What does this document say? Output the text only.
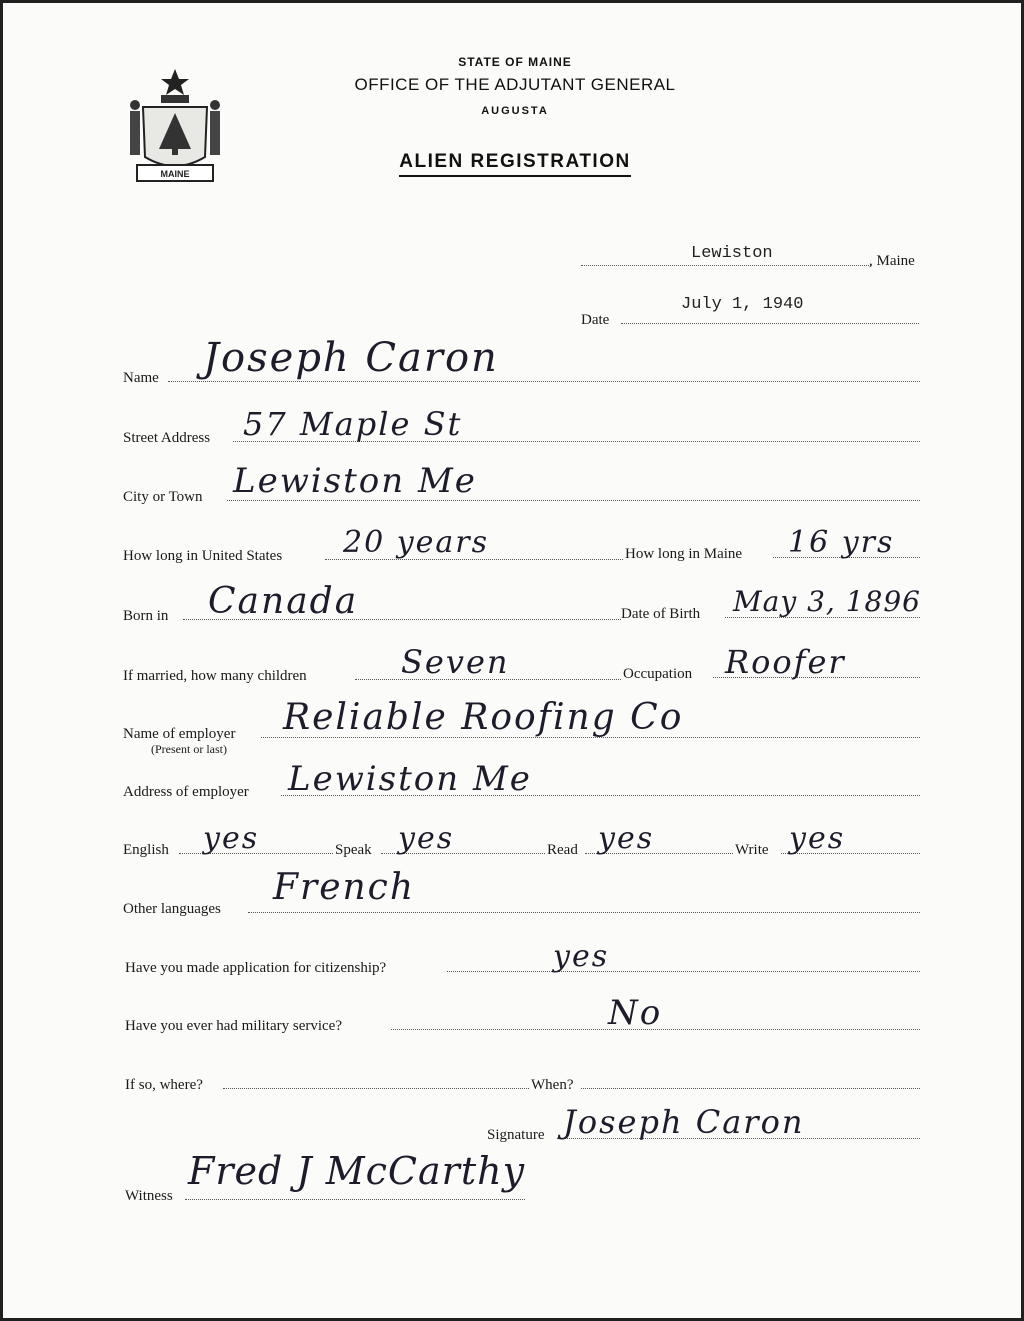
MAINE
STATE OF MAINE
OFFICE OF THE ADJUTANT GENERAL
AUGUSTA
ALIEN REGISTRATION
Lewiston	, Maine
Date
July 1, 1940
Name Joseph Caron
Street Address 57 Maple St
City or Town Lewiston Me
How long in United States 20 years	How long in Maine 16 yrs
Born in Canada	Date of Birth May 3, 1896
If married, how many children	Seven	Occupation Roofer
Name of employer
(Present or last)
Reliable Roofing Co
Address of employer Lewiston Me
English yes	Speak yes	Read yes	Write yes
Other languages
French
Have you made application for citizenship?	yes
Have you ever had military service?	No
If so, where?	When?
Signature Joseph Caron
Witness
Fred J McCarthy
